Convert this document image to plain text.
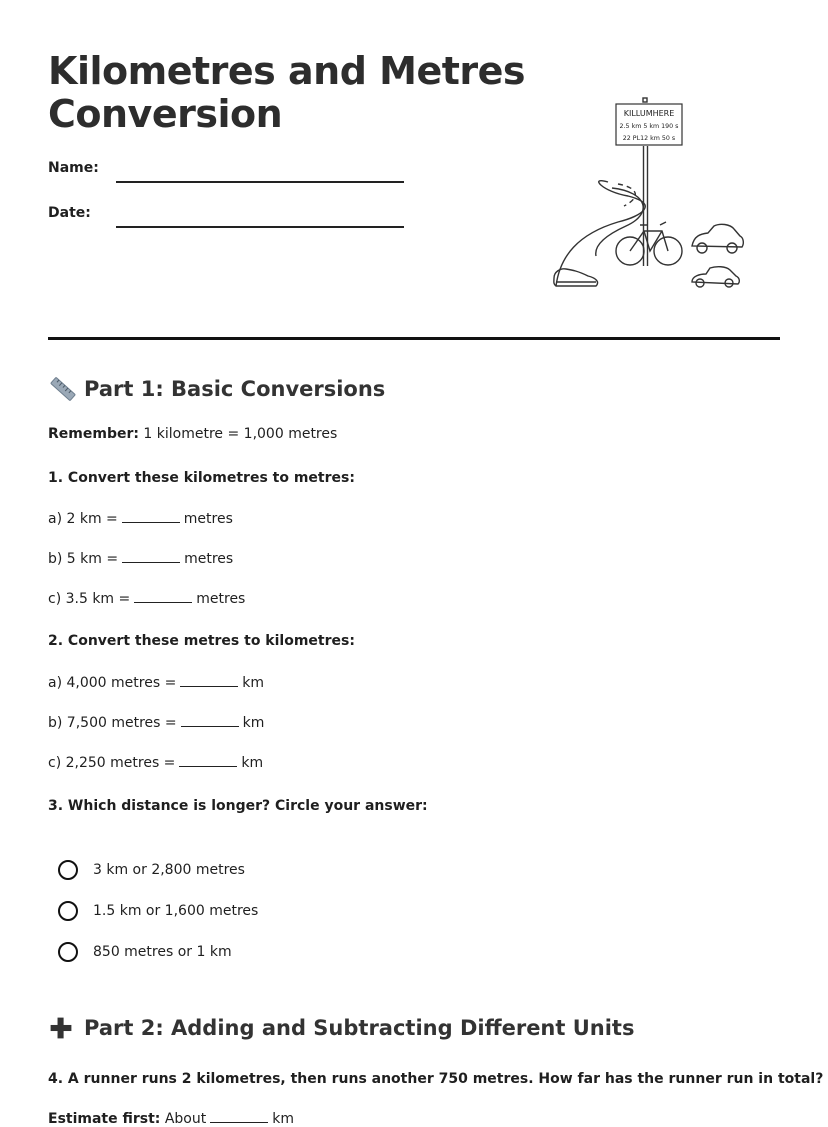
Kilometres and Metres
Conversion
Name:
Date:
KILLUMHERE
2.5 km 5 km 190 s
22 PL12 km 50 s
Part 1: Basic Conversions
Remember: 1 kilometre = 1,000 metres
1. Convert these kilometres to metres:
a) 2 km =	metres
b) 5 km =	metres
c) 3.5 km =	metres
2. Convert these metres to kilometres:
a) 4,000 metres =	km
b) 7,500 metres =	km
c) 2,250 metres =	km
3. Which distance is longer? Circle your answer:
3 km or 2,800 metres
1.5 km or 1,600 metres
850 metres or 1 km
Part 2: Adding and Subtracting Different Units
4. A runner runs 2 kilometres, then runs another 750 metres. How far has the runner run in total?
Estimate first: About	km
